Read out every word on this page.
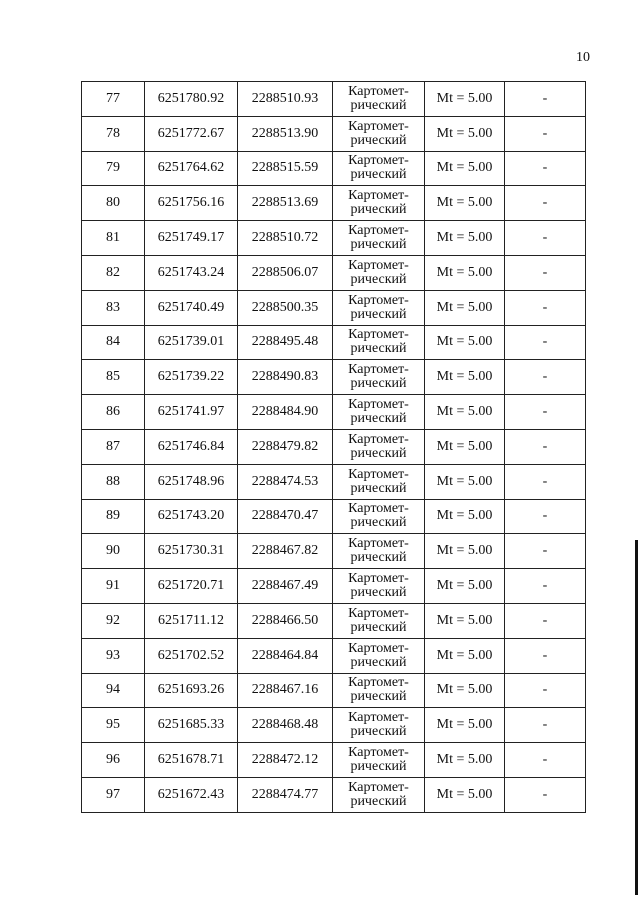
10
77	6251780.92	2288510.93	Картомет-
рический	Mt = 5.00	-
78	6251772.67	2288513.90	Картомет-
рический	Mt = 5.00	-
79	6251764.62	2288515.59	Картомет-
рический	Mt = 5.00	-
80	6251756.16	2288513.69	Картомет-
рический	Mt = 5.00	-
81	6251749.17	2288510.72	Картомет-
рический	Mt = 5.00	-
82	6251743.24	2288506.07	Картомет-
рический	Mt = 5.00	-
83	6251740.49	2288500.35	Картомет-
рический	Mt = 5.00	-
84	6251739.01	2288495.48	Картомет-
рический	Mt = 5.00	-
85	6251739.22	2288490.83	Картомет-
рический	Mt = 5.00	-
86	6251741.97	2288484.90	Картомет-
рический	Mt = 5.00	-
87	6251746.84	2288479.82	Картомет-
рический	Mt = 5.00	-
88	6251748.96	2288474.53	Картомет-
рический	Mt = 5.00	-
89	6251743.20	2288470.47	Картомет-
рический	Mt = 5.00	-
90	6251730.31	2288467.82	Картомет-
рический	Mt = 5.00	-
91	6251720.71	2288467.49	Картомет-
рический	Mt = 5.00	-
92	6251711.12	2288466.50	Картомет-
рический	Mt = 5.00	-
93	6251702.52	2288464.84	Картомет-
рический	Mt = 5.00	-
94	6251693.26	2288467.16	Картомет-
рический	Mt = 5.00	-
95	6251685.33	2288468.48	Картомет-
рический	Mt = 5.00	-
96	6251678.71	2288472.12	Картомет-
рический	Mt = 5.00	-
97	6251672.43	2288474.77	Картомет-
рический	Mt = 5.00	-
